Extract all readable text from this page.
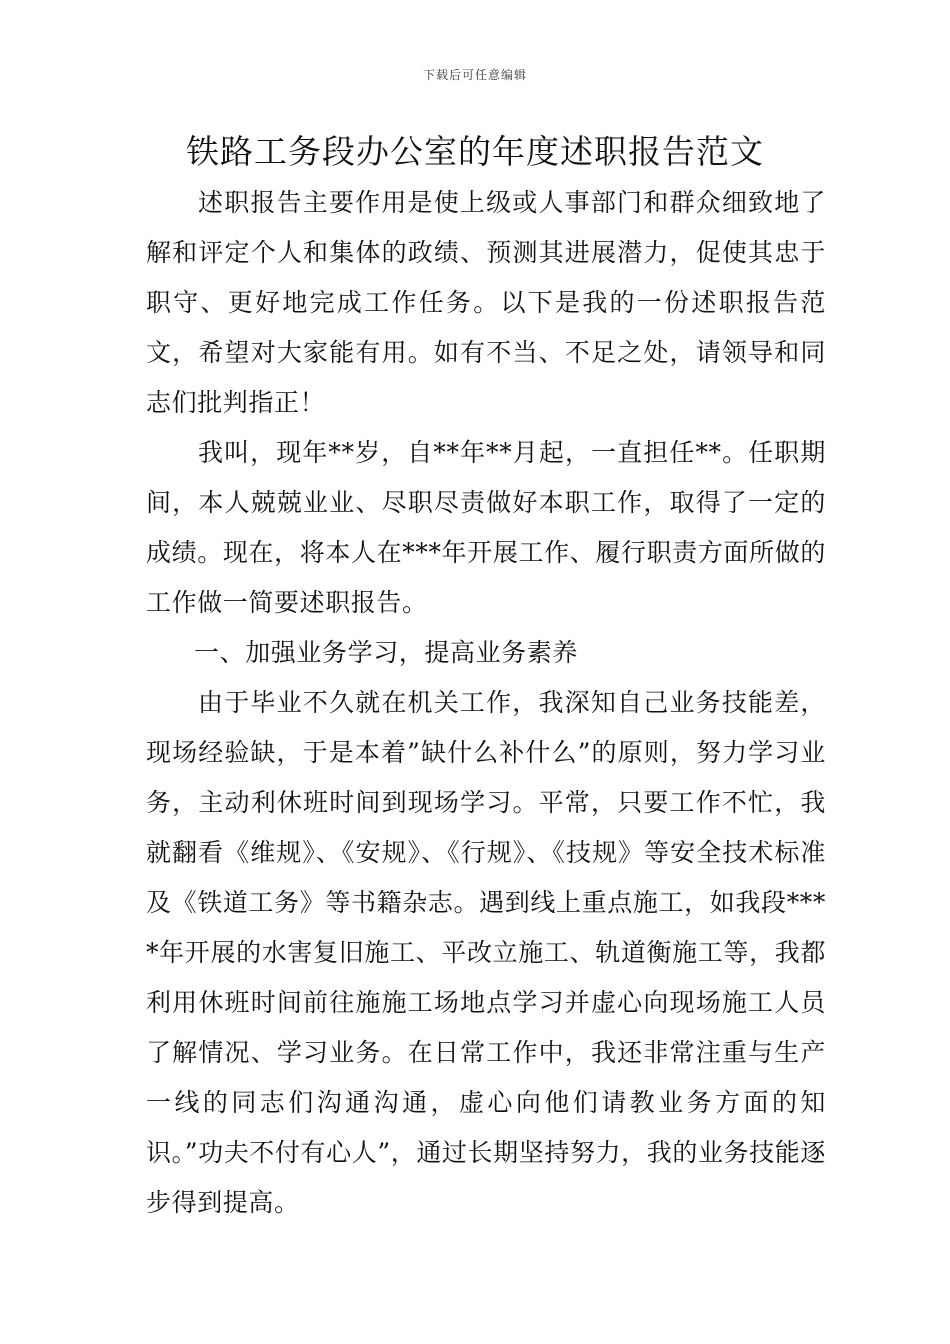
下载后可任意编辑
铁路工务段办公室的年度述职报告范文

述职报告主要作用是使上级或人事部门和群众细致地了解和评定个人和集体的政绩、预测其进展潜力，促使其忠于职守、更好地完成工作任务。以下是我的一份述职报告范文，希望对大家能有用。如有不当、不足之处，请领导和同志们批判指正！

我叫，现年**岁，自**年**月起，一直担任**。任职期间，本人兢兢业业、尽职尽责做好本职工作，取得了一定的成绩。现在，将本人在***年开展工作、履行职责方面所做的工作做一简要述职报告。

一、加强业务学习，提高业务素养

由于毕业不久就在机关工作，我深知自己业务技能差，现场经验缺，于是本着”缺什么补什么”的原则，努力学习业务，主动利休班时间到现场学习。平常，只要工作不忙，我就翻看《维规》、《安规》、《行规》、《技规》等安全技术标准及《铁道工务》等书籍杂志。遇到线上重点施工，如我段****年开展的水害复旧施工、平改立施工、轨道衡施工等，我都利用休班时间前往施施工场地点学习并虚心向现场施工人员了解情况、学习业务。在日常工作中，我还非常注重与生产一线的同志们沟通沟通，虚心向他们请教业务方面的知识。”功夫不付有心人”，通过长期坚持努力，我的业务技能逐步得到提高。
